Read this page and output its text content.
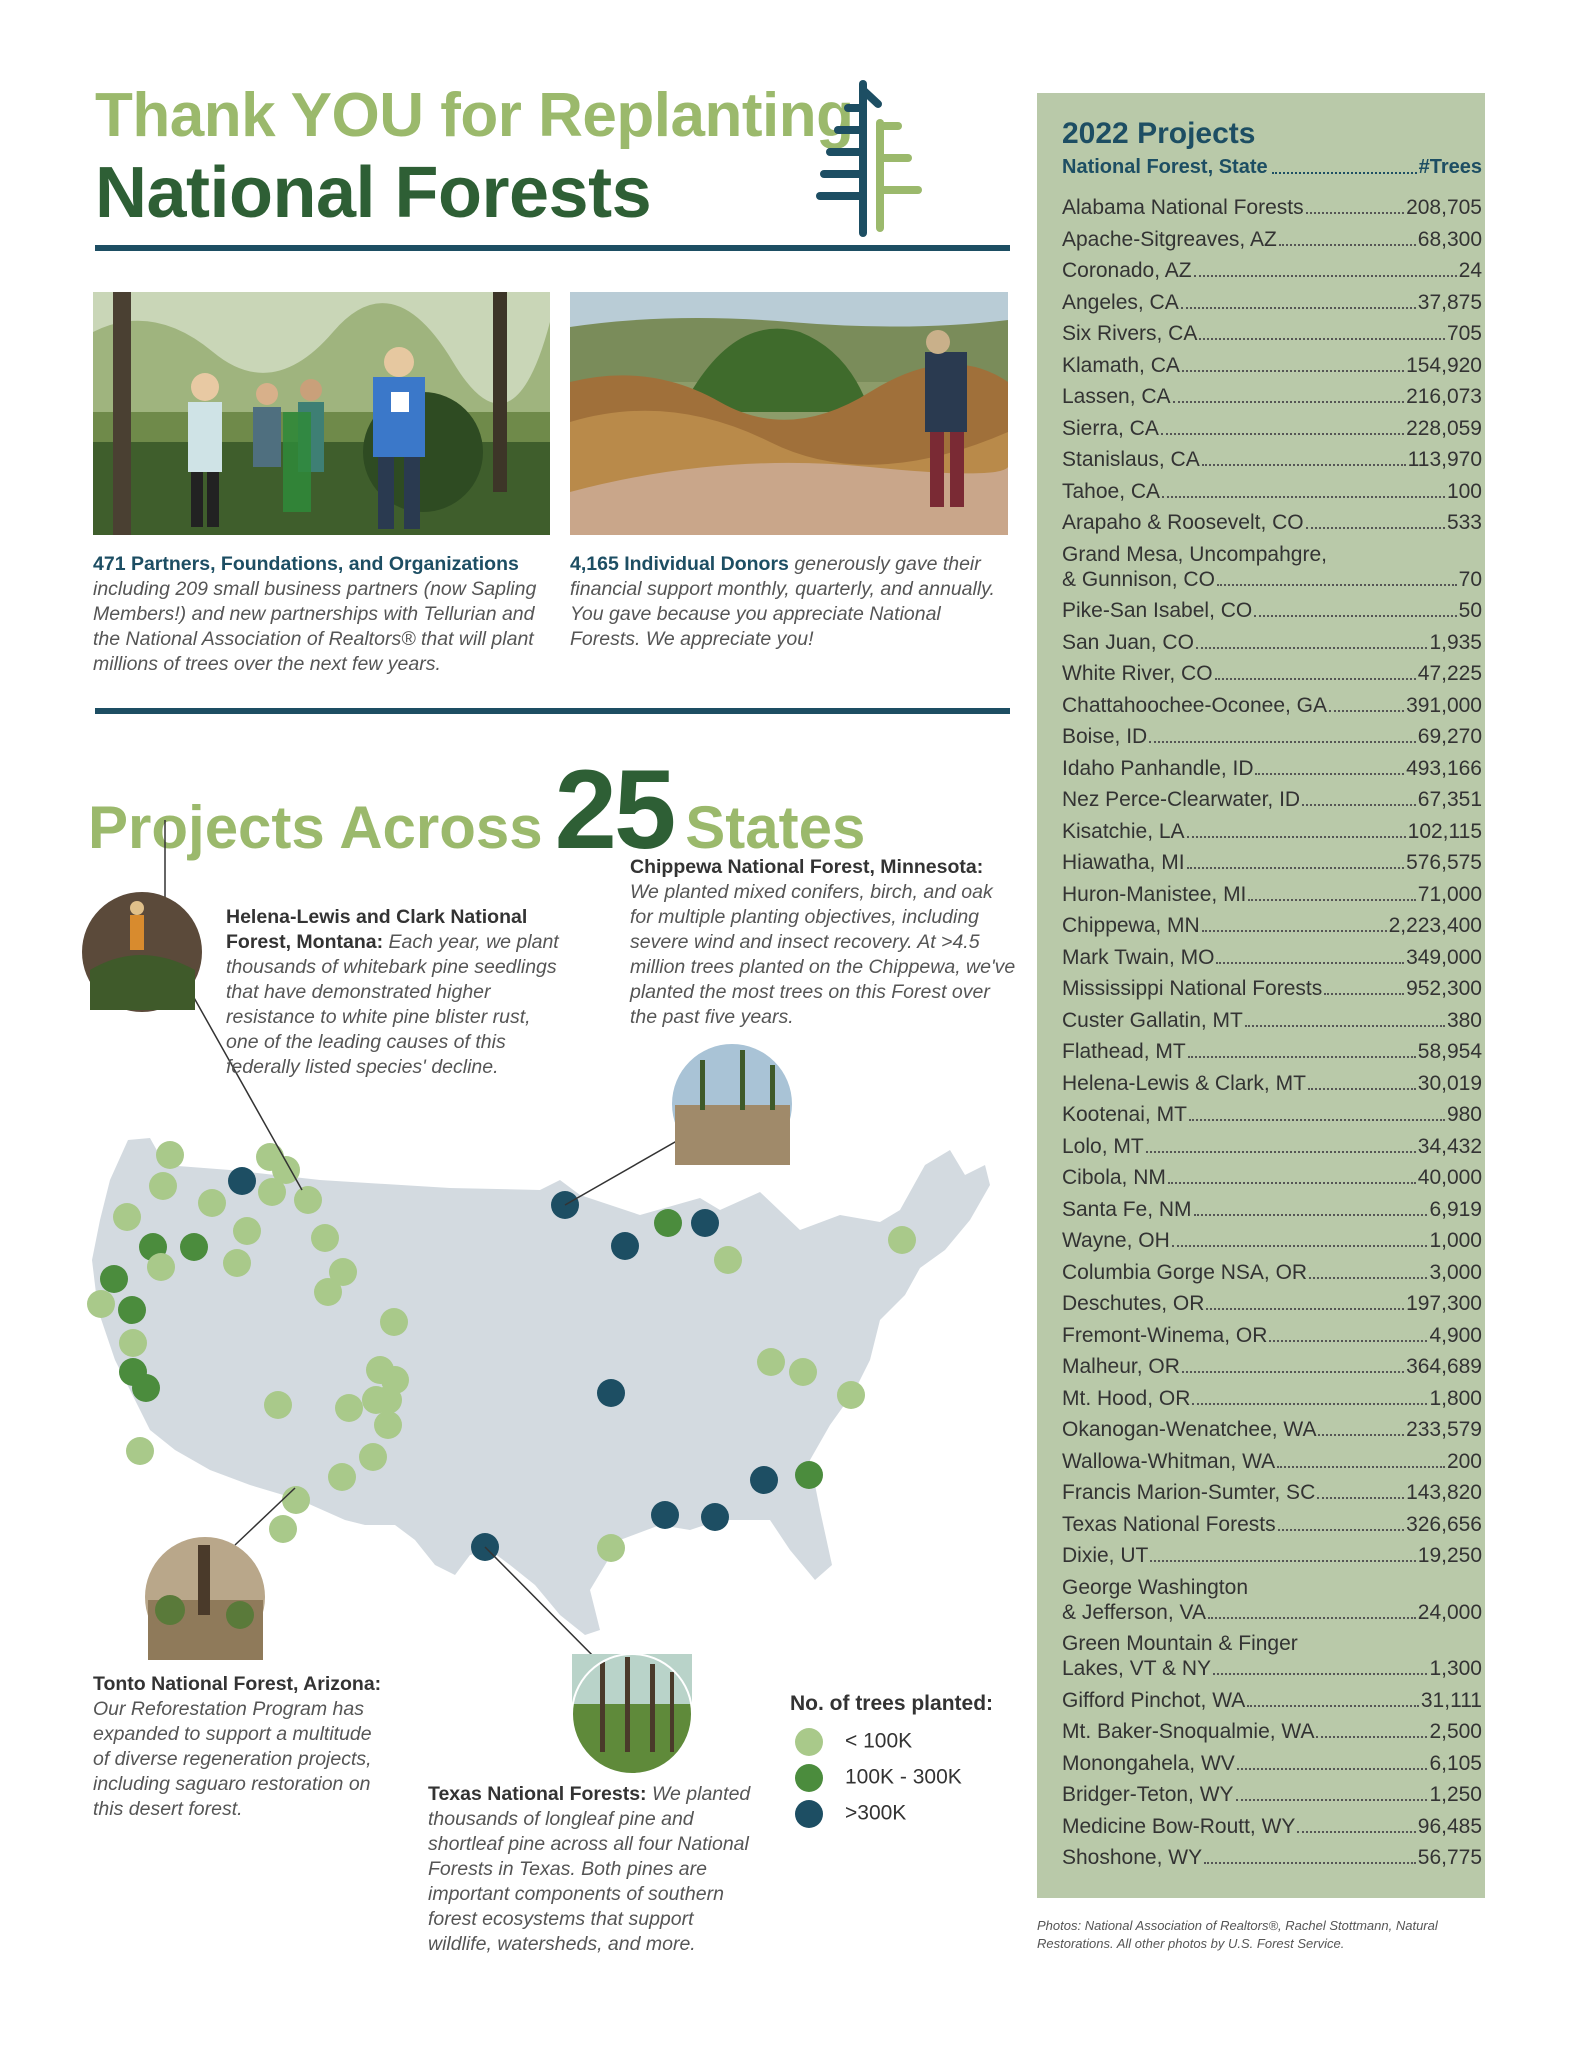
Thank YOU for Replanting
National Forests
471 Partners, Foundations, and Organizations including 209 small business partners (now Sapling Members!) and new partnerships with Tellurian and the National Association of Realtors® that will plant millions of trees over the next few years.
4,165 Individual Donors generously gave their financial support monthly, quarterly, and annually. You gave because you appreciate National Forests. We appreciate you!
Projects Across 25 States
Helena-Lewis and Clark National Forest, Montana: Each year, we plant thousands of whitebark pine seedlings that have demonstrated higher resistance to white pine blister rust, one of the leading causes of this federally listed species' decline.
Chippewa National Forest, Minnesota:
We planted mixed conifers, birch, and oak for multiple planting objectives, including severe wind and insect recovery. At >4.5 million trees planted on the Chippewa, we've planted the most trees on this Forest over the past five years.
Tonto National Forest, Arizona:
Our Reforestation Program has expanded to support a multitude of diverse regeneration projects, including saguaro restoration on this desert forest.
Texas National Forests: We planted thousands of longleaf pine and shortleaf pine across all four National Forests in Texas. Both pines are important components of southern forest ecosystems that support wildlife, watersheds, and more.
No. of trees planted:
< 100K
100K - 300K
>300K
2022 Projects
National Forest, State	#Trees
Alabama National Forests	208,705
Apache-Sitgreaves, AZ	68,300
Coronado, AZ	24
Angeles, CA	37,875
Six Rivers, CA	705
Klamath, CA	154,920
Lassen, CA	216,073
Sierra, CA	228,059
Stanislaus, CA	113,970
Tahoe, CA	100
Arapaho & Roosevelt, CO	533
Grand Mesa, Uncompahgre,
& Gunnison, CO	70
Pike-San Isabel, CO	50
San Juan, CO	1,935
White River, CO	47,225
Chattahoochee-Oconee, GA	391,000
Boise, ID	69,270
Idaho Panhandle, ID	493,166
Nez Perce-Clearwater, ID	67,351
Kisatchie, LA	102,115
Hiawatha, MI	576,575
Huron-Manistee, MI	71,000
Chippewa, MN	2,223,400
Mark Twain, MO	349,000
Mississippi National Forests	952,300
Custer Gallatin, MT	380
Flathead, MT	58,954
Helena-Lewis & Clark, MT	30,019
Kootenai, MT	980
Lolo, MT	34,432
Cibola, NM	40,000
Santa Fe, NM	6,919
Wayne, OH	1,000
Columbia Gorge NSA, OR	3,000
Deschutes, OR	197,300
Fremont-Winema, OR	4,900
Malheur, OR	364,689
Mt. Hood, OR	1,800
Okanogan-Wenatchee, WA	233,579
Wallowa-Whitman, WA	200
Francis Marion-Sumter, SC	143,820
Texas National Forests	326,656
Dixie, UT	19,250
George Washington
& Jefferson, VA	24,000
Green Mountain & Finger
Lakes, VT & NY	1,300
Gifford Pinchot, WA	31,111
Mt. Baker-Snoqualmie, WA	2,500
Monongahela, WV	6,105
Bridger-Teton, WY	1,250
Medicine Bow-Routt, WY	96,485
Shoshone, WY	56,775
Photos: National Association of Realtors®, Rachel Stottmann, Natural Restorations. All other photos by U.S. Forest Service.
